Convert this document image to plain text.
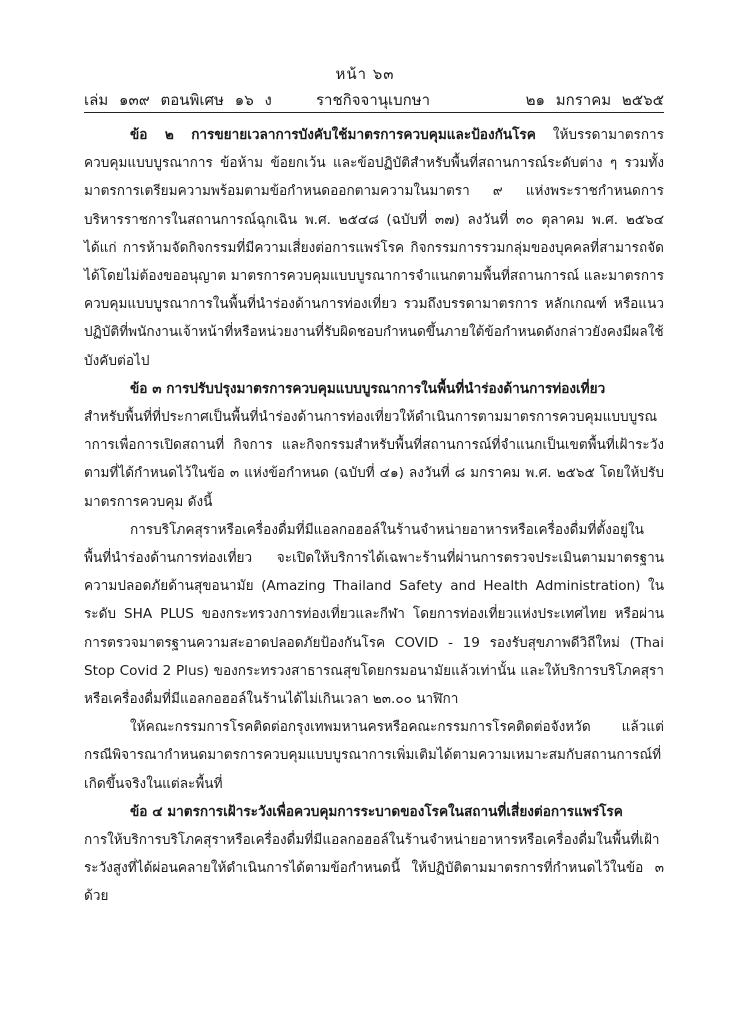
หน้า ๖๓
เล่ม ๑๓๙ ตอนพิเศษ ๑๖ ง	ราชกิจจานุเบกษา	๒๑ มกราคม ๒๕๖๕

ข้อ ๒ การขยายเวลาการบังคับใช้มาตรการควบคุมและป้องกันโรค ให้บรรดามาตรการควบคุมแบบบูรณาการ ข้อห้าม ข้อยกเว้น และข้อปฏิบัติสำหรับพื้นที่สถานการณ์ระดับต่าง ๆ รวมทั้งมาตรการเตรียมความพร้อมตามข้อกำหนดออกตามความในมาตรา ๙ แห่งพระราชกำหนดการบริหารราชการในสถานการณ์ฉุกเฉิน พ.ศ. ๒๕๔๘ (ฉบับที่ ๓๗) ลงวันที่ ๓๐ ตุลาคม พ.ศ. ๒๕๖๔ ได้แก่ การห้ามจัดกิจกรรมที่มีความเสี่ยงต่อการแพร่โรค กิจกรรมการรวมกลุ่มของบุคคลที่สามารถจัดได้โดยไม่ต้องขออนุญาต มาตรการควบคุมแบบบูรณาการจำแนกตามพื้นที่สถานการณ์ และมาตรการควบคุมแบบบูรณาการในพื้นที่นำร่องด้านการท่องเที่ยว รวมถึงบรรดามาตรการ หลักเกณฑ์ หรือแนวปฏิบัติที่พนักงานเจ้าหน้าที่หรือหน่วยงานที่รับผิดชอบกำหนดขึ้นภายใต้ข้อกำหนดดังกล่าวยังคงมีผลใช้บังคับต่อไป

ข้อ ๓ การปรับปรุงมาตรการควบคุมแบบบูรณาการในพื้นที่นำร่องด้านการท่องเที่ยว

สำหรับพื้นที่ที่ประกาศเป็นพื้นที่นำร่องด้านการท่องเที่ยวให้ดำเนินการตามมาตรการควบคุมแบบบูรณาการเพื่อการเปิดสถานที่ กิจการ และกิจกรรมสำหรับพื้นที่สถานการณ์ที่จำแนกเป็นเขตพื้นที่เฝ้าระวังตามที่ได้กำหนดไว้ในข้อ ๓ แห่งข้อกำหนด (ฉบับที่ ๔๑) ลงวันที่ ๘ มกราคม พ.ศ. ๒๕๖๕ โดยให้ปรับมาตรการควบคุม ดังนี้

การบริโภคสุราหรือเครื่องดื่มที่มีแอลกอฮอล์ในร้านจำหน่ายอาหารหรือเครื่องดื่มที่ตั้งอยู่ในพื้นที่นำร่องด้านการท่องเที่ยว จะเปิดให้บริการได้เฉพาะร้านที่ผ่านการตรวจประเมินตามมาตรฐานความปลอดภัยด้านสุขอนามัย (Amazing Thailand Safety and Health Administration) ในระดับ SHA PLUS ของกระทรวงการท่องเที่ยวและกีฬา โดยการท่องเที่ยวแห่งประเทศไทย หรือผ่านการตรวจมาตรฐานความสะอาดปลอดภัยป้องกันโรค COVID - 19 รองรับสุขภาพดีวิถีใหม่ (Thai Stop Covid 2 Plus) ของกระทรวงสาธารณสุขโดยกรมอนามัยแล้วเท่านั้น และให้บริการบริโภคสุราหรือเครื่องดื่มที่มีแอลกอฮอล์ในร้านได้ไม่เกินเวลา ๒๓.๐๐ นาฬิกา

ให้คณะกรรมการโรคติดต่อกรุงเทพมหานครหรือคณะกรรมการโรคติดต่อจังหวัด แล้วแต่กรณีพิจารณากำหนดมาตรการควบคุมแบบบูรณาการเพิ่มเติมได้ตามความเหมาะสมกับสถานการณ์ที่เกิดขึ้นจริงในแต่ละพื้นที่

ข้อ ๔ มาตรการเฝ้าระวังเพื่อควบคุมการระบาดของโรคในสถานที่เสี่ยงต่อการแพร่โรค

การให้บริการบริโภคสุราหรือเครื่องดื่มที่มีแอลกอฮอล์ในร้านจำหน่ายอาหารหรือเครื่องดื่มในพื้นที่เฝ้าระวังสูงที่ได้ผ่อนคลายให้ดำเนินการได้ตามข้อกำหนดนี้ ให้ปฏิบัติตามมาตรการที่กำหนดไว้ในข้อ ๓ ด้วย
